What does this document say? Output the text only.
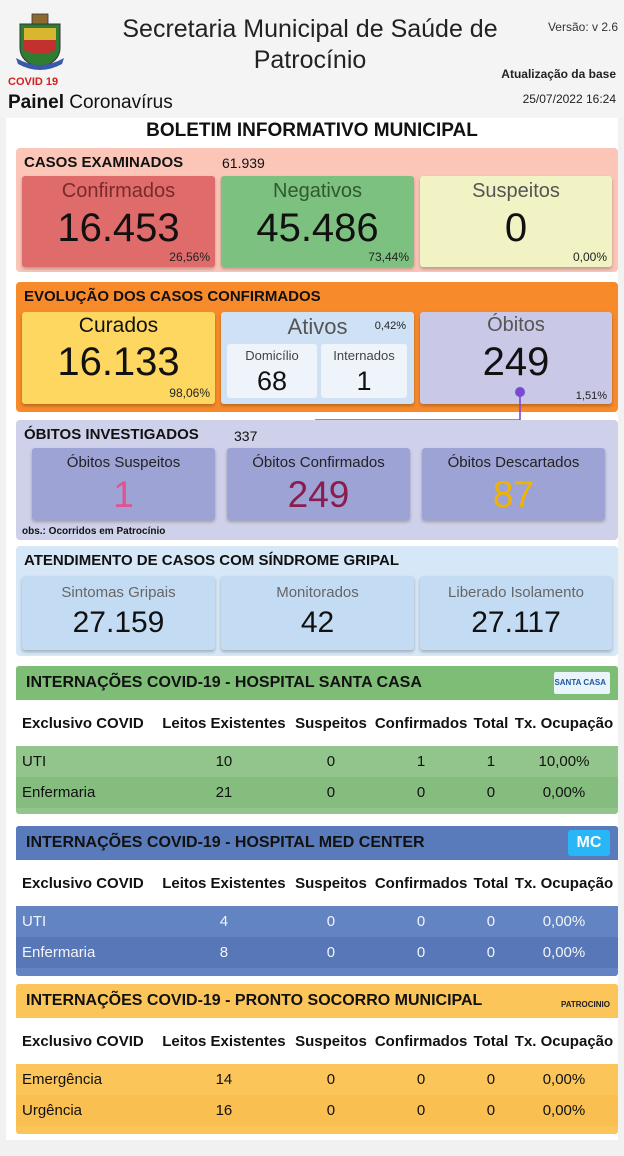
COVID 19
Painel Coronavírus
Secretaria Municipal de Saúde de Patrocínio
Versão: v 2.6
Atualização da base
25/07/2022 16:24
BOLETIM INFORMATIVO MUNICIPAL
CASOS EXAMINADOS	61.939
Confirmados
16.453
26,56%
Negativos
45.486
73,44%
Suspeitos
0
0,00%
EVOLUÇÃO DOS CASOS CONFIRMADOS
Curados
16.133
98,06%
Ativos	0,42%
Domicílio
68
Internados
1
Óbitos
249
1,51%
ÓBITOS INVESTIGADOS	337
Óbitos Suspeitos
1
Óbitos Confirmados
249
Óbitos Descartados
87
obs.: Ocorridos em Patrocínio
ATENDIMENTO DE CASOS COM SÍNDROME GRIPAL
Sintomas Gripais
27.159
Monitorados
42
Liberado Isolamento
27.117
INTERNAÇÕES COVID-19 - HOSPITAL SANTA CASA	SANTA CASA
Exclusivo COVID	Leitos Existentes	Suspeitos	Confirmados	Total	Tx. Ocupação
UTI	10	0	1	1	10,00%
Enfermaria	21	0	0	0	0,00%
INTERNAÇÕES COVID-19 - HOSPITAL MED CENTER	MC
Exclusivo COVID	Leitos Existentes	Suspeitos	Confirmados	Total	Tx. Ocupação
UTI	4	0	0	0	0,00%
Enfermaria	8	0	0	0	0,00%
INTERNAÇÕES COVID-19 - PRONTO SOCORRO MUNICIPAL	PATROCINIO
Exclusivo COVID	Leitos Existentes	Suspeitos	Confirmados	Total	Tx. Ocupação
Emergência	14	0	0	0	0,00%
Urgência	16	0	0	0	0,00%
